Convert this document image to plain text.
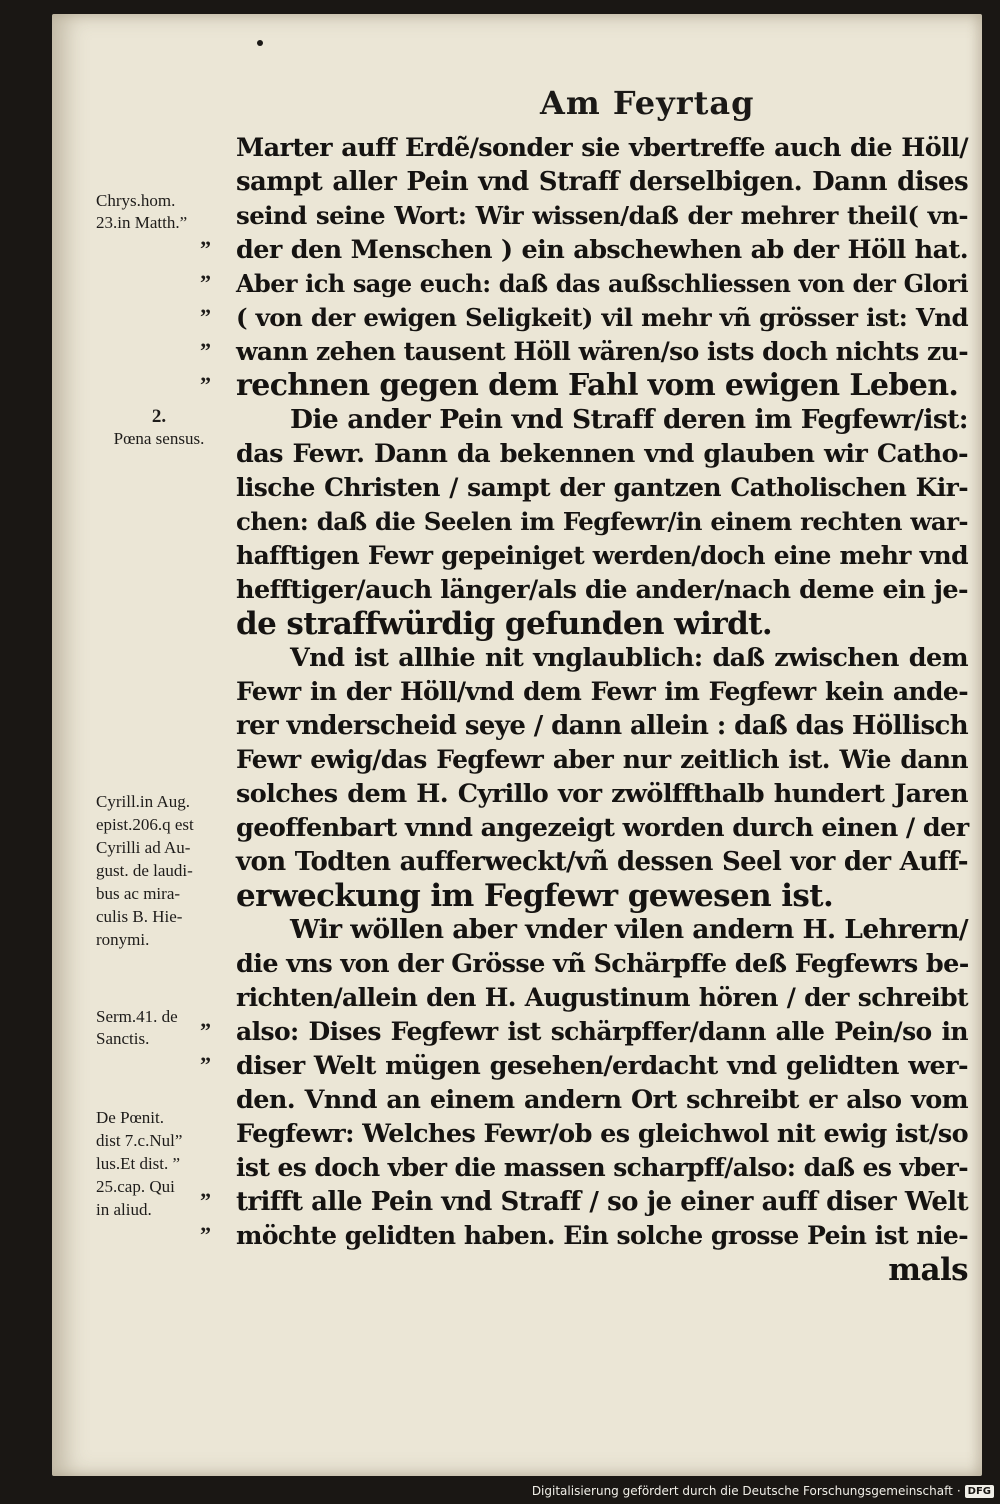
Am Feyrtag
Marter auff Erdẽ/sonder sie vbertreffe auch die Höll/
sampt aller Pein vnd Straff derselbigen. Dann dises
seind seine Wort: Wir wissen/daß der mehrer theil( vn-
der den Menschen ) ein abschewhen ab der Höll hat.
Aber ich sage euch: daß das außschliessen von der Glori
( von der ewigen Seligkeit) vil mehr vñ grösser ist: Vnd
wann zehen tausent Höll wären/so ists doch nichts zu-
rechnen gegen dem Fahl vom ewigen Leben.
Die ander Pein vnd Straff deren im Fegfewr/ist:
das Fewr. Dann da bekennen vnd glauben wir Catho-
lische Christen / sampt der gantzen Catholischen Kir-
chen: daß die Seelen im Fegfewr/in einem rechten war-
hafftigen Fewr gepeiniget werden/doch eine mehr vnd
hefftiger/auch länger/als die ander/nach deme ein je-
de straffwürdig gefunden wirdt.
Vnd ist allhie nit vnglaublich: daß zwischen dem
Fewr in der Höll/vnd dem Fewr im Fegfewr kein ande-
rer vnderscheid seye / dann allein : daß das Höllisch
Fewr ewig/das Fegfewr aber nur zeitlich ist. Wie dann
solches dem H. Cyrillo vor zwölffthalb hundert Jaren
geoffenbart vnnd angezeigt worden durch einen / der
von Todten aufferweckt/vñ dessen Seel vor der Auff-
erweckung im Fegfewr gewesen ist.
Wir wöllen aber vnder vilen andern H. Lehrern/
die vns von der Grösse vñ Schärpffe deß Fegfewrs be-
richten/allein den H. Augustinum hören / der schreibt
also: Dises Fegfewr ist schärpffer/dann alle Pein/so in
diser Welt mügen gesehen/erdacht vnd gelidten wer-
den. Vnnd an einem andern Ort schreibt er also vom
Fegfewr: Welches Fewr/ob es gleichwol nit ewig ist/so
ist es doch vber die massen scharpff/also: daß es vber-
trifft alle Pein vnd Straff / so je einer auff diser Welt
möchte gelidten haben. Ein solche grosse Pein ist nie-
mals
Chrys.hom.
23.in Matth.”
2.
Pœna sensus.
Cyrill.in Aug.
epist.206.q est
Cyrilli ad Au-
gust. de laudi-
bus ac mira-
culis B. Hie-
ronymi.
Serm.41. de
Sanctis.
De Pœnit.
dist 7.c.Nul”
lus.Et dist. ”
25.cap. Qui
in aliud.
”
”
”
”
”
”
”
”
”
Digitalisierung gefördert durch die Deutsche Forschungsgemeinschaft · DFG
